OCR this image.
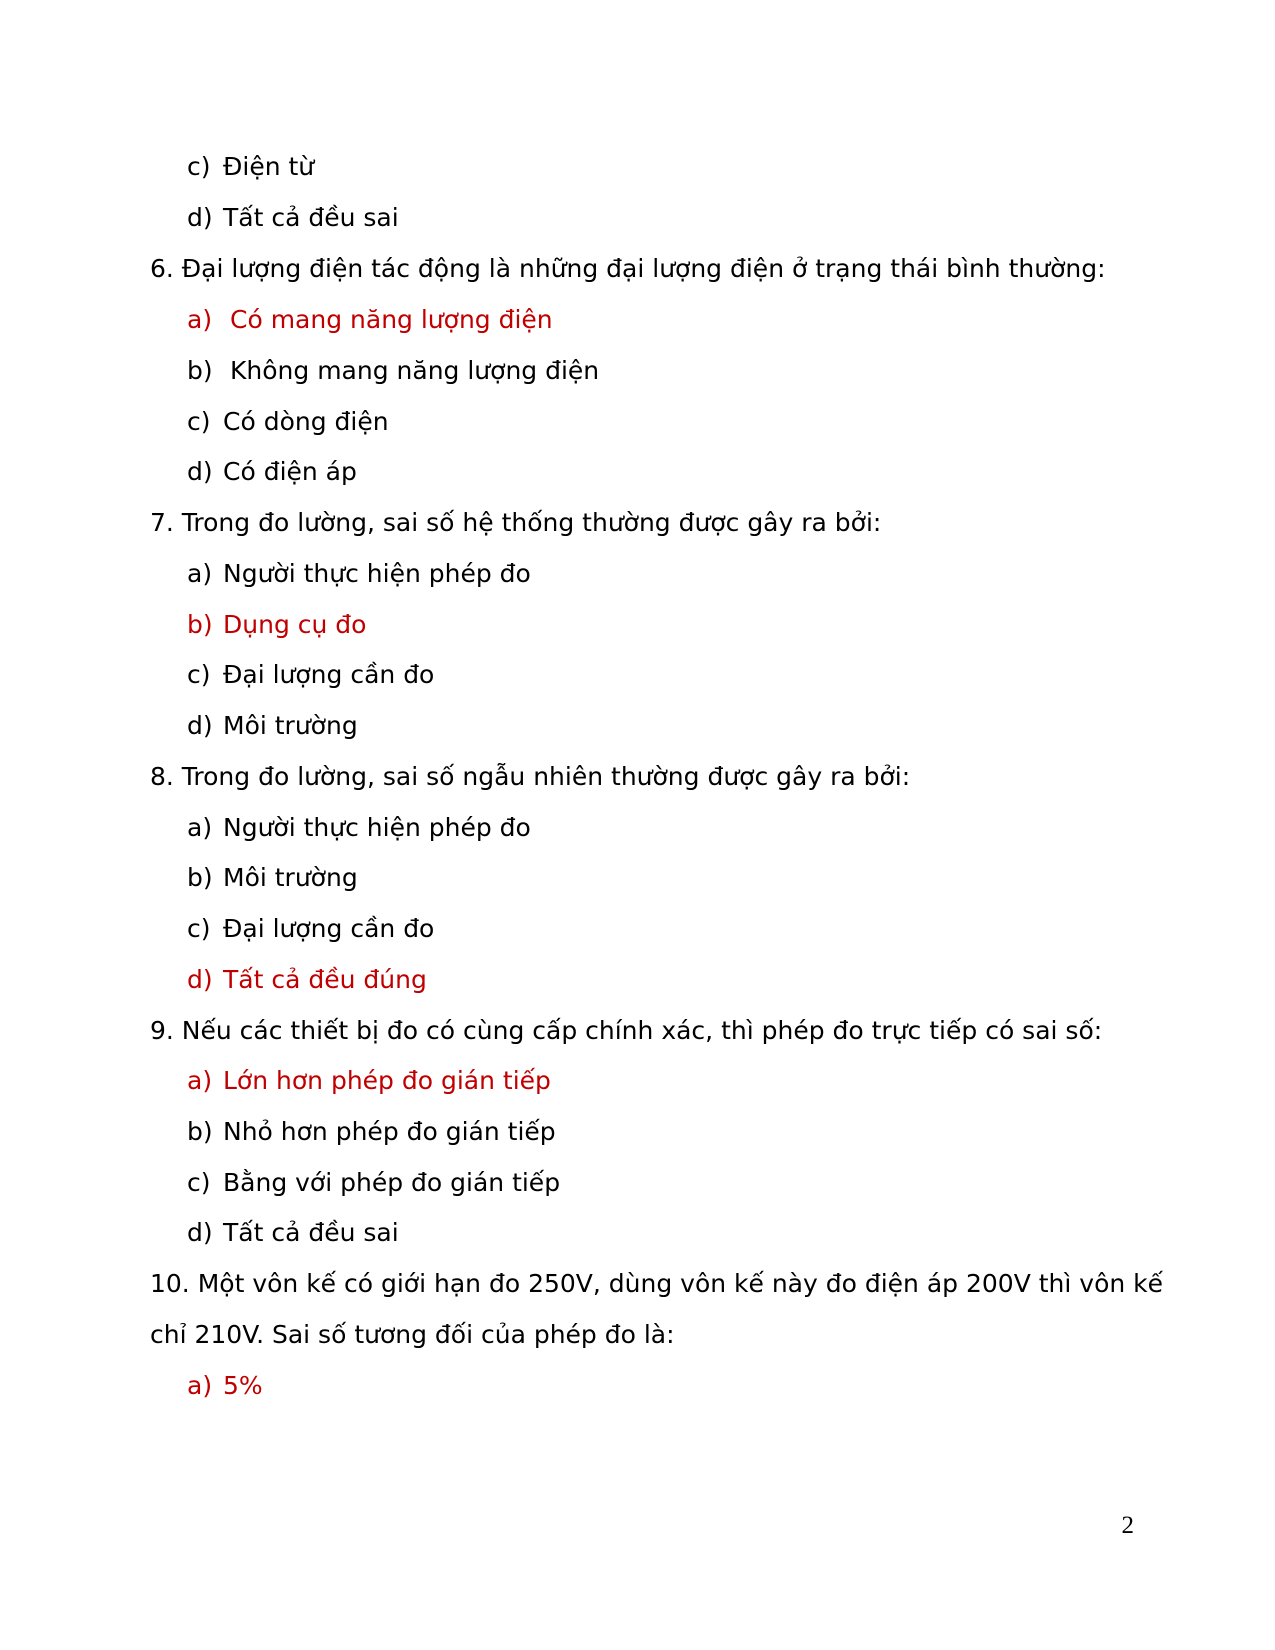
c) Điện từ
d) Tất cả đều sai
6. Đại lượng điện tác động là những đại lượng điện ở trạng thái bình thường:
a) Có mang năng lượng điện
b) Không mang năng lượng điện
c) Có dòng điện
d) Có điện áp
7. Trong đo lường, sai số hệ thống thường được gây ra bởi:
a) Người thực hiện phép đo
b) Dụng cụ đo
c) Đại lượng cần đo
d) Môi trường
8. Trong đo lường, sai số ngẫu nhiên thường được gây ra bởi:
a) Người thực hiện phép đo
b) Môi trường
c) Đại lượng cần đo
d) Tất cả đều đúng
9. Nếu các thiết bị đo có cùng cấp chính xác, thì phép đo trực tiếp có sai số:
a) Lớn hơn phép đo gián tiếp
b) Nhỏ hơn phép đo gián tiếp
c) Bằng với phép đo gián tiếp
d) Tất cả đều sai
10. Một vôn kế có giới hạn đo 250V, dùng vôn kế này đo điện áp 200V thì vôn kế
chỉ 210V. Sai số tương đối của phép đo là:
a) 5%
2
